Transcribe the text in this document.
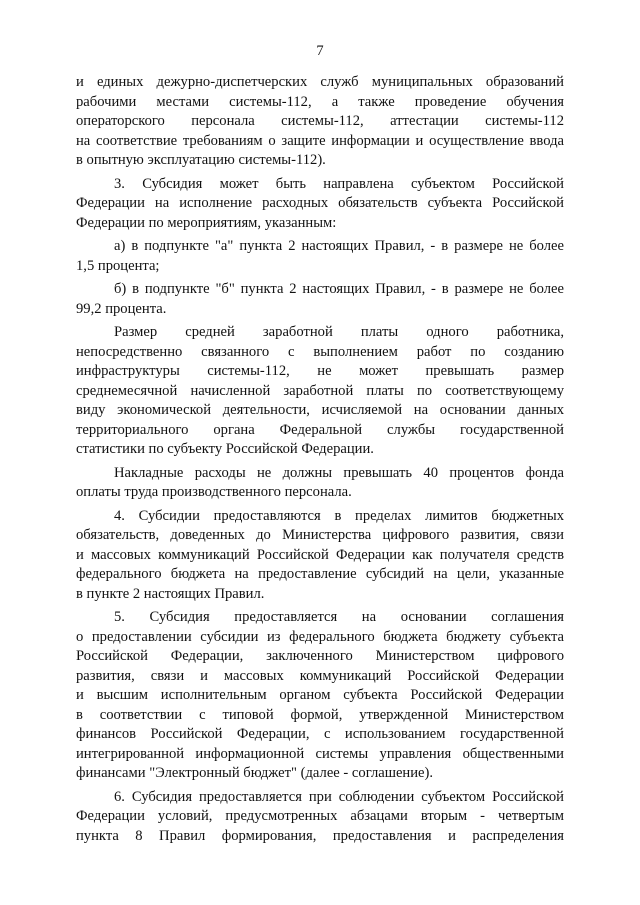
7
и единых дежурно-диспетчерских служб муниципальных образований
рабочими местами системы-112, а также проведение обучения
операторского персонала системы-112, аттестации системы-112
на соответствие требованиям о защите информации и осуществление ввода
в опытную эксплуатацию системы-112).
3. Субсидия может быть направлена субъектом Российской
Федерации на исполнение расходных обязательств субъекта Российской
Федерации по мероприятиям, указанным:
а) в подпункте "а" пункта 2 настоящих Правил, - в размере не более
1,5 процента;
б) в подпункте "б" пункта 2 настоящих Правил, - в размере не более
99,2 процента.
Размер средней заработной платы одного работника,
непосредственно связанного с выполнением работ по созданию
инфраструктуры системы-112, не может превышать размер
среднемесячной начисленной заработной платы по соответствующему
виду экономической деятельности, исчисляемой на основании данных
территориального органа Федеральной службы государственной
статистики по субъекту Российской Федерации.
Накладные расходы не должны превышать 40 процентов фонда
оплаты труда производственного персонала.
4. Субсидии предоставляются в пределах лимитов бюджетных
обязательств, доведенных до Министерства цифрового развития, связи
и массовых коммуникаций Российской Федерации как получателя средств
федерального бюджета на предоставление субсидий на цели, указанные
в пункте 2 настоящих Правил.
5. Субсидия предоставляется на основании соглашения
о предоставлении субсидии из федерального бюджета бюджету субъекта
Российской Федерации, заключенного Министерством цифрового
развития, связи и массовых коммуникаций Российской Федерации
и высшим исполнительным органом субъекта Российской Федерации
в соответствии с типовой формой, утвержденной Министерством
финансов Российской Федерации, с использованием государственной
интегрированной информационной системы управления общественными
финансами "Электронный бюджет" (далее - соглашение).
6. Субсидия предоставляется при соблюдении субъектом Российской
Федерации условий, предусмотренных абзацами вторым - четвертым
пункта 8 Правил формирования, предоставления и распределения
